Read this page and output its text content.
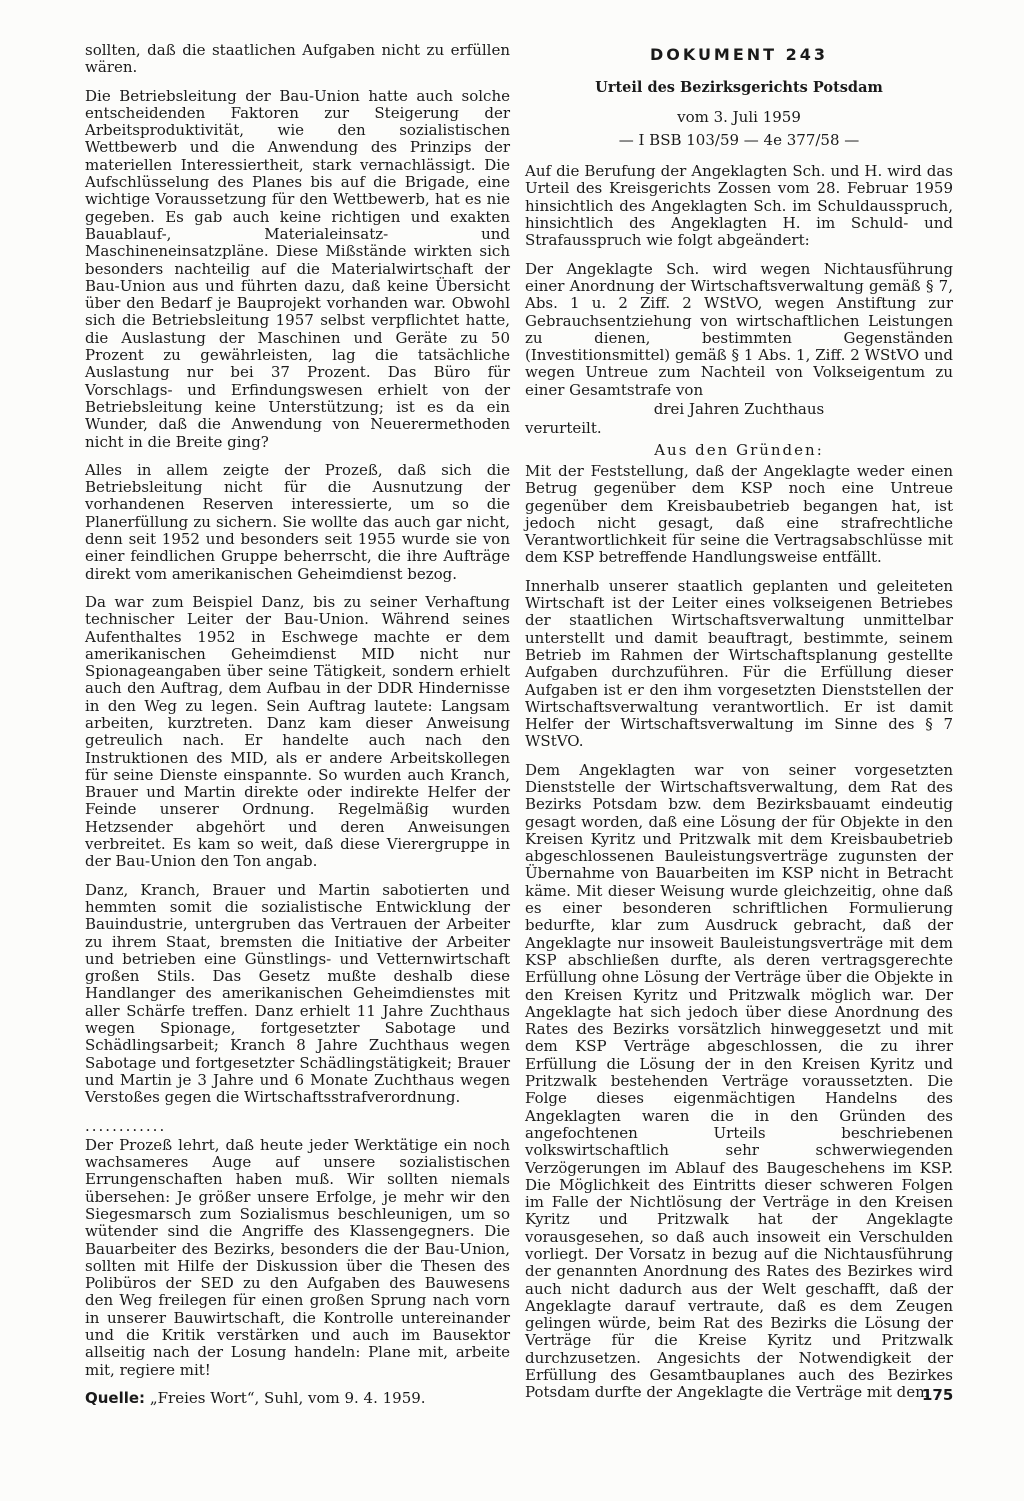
sollten, daß die staatlichen Aufgaben nicht zu erfüllen wären.

Die Betriebsleitung der Bau-Union hatte auch solche entscheidenden Faktoren zur Steigerung der Arbeitsproduktivität, wie den sozialistischen Wettbewerb und die Anwendung des Prinzips der materiellen Interessiertheit, stark vernachlässigt. Die Aufschlüsselung des Planes bis auf die Brigade, eine wichtige Voraussetzung für den Wettbewerb, hat es nie gegeben. Es gab auch keine richtigen und exakten Bauablauf-, Materialeinsatz- und Maschineneinsatzpläne. Diese Mißstände wirkten sich besonders nachteilig auf die Materialwirtschaft der Bau-Union aus und führten dazu, daß keine Übersicht über den Bedarf je Bauprojekt vorhanden war. Obwohl sich die Betriebsleitung 1957 selbst verpflichtet hatte, die Auslastung der Maschinen und Geräte zu 50 Prozent zu gewährleisten, lag die tatsächliche Auslastung nur bei 37 Prozent. Das Büro für Vorschlags- und Erfindungswesen erhielt von der Betriebsleitung keine Unterstützung; ist es da ein Wunder, daß die Anwendung von Neuerermethoden nicht in die Breite ging?

Alles in allem zeigte der Prozeß, daß sich die Betriebsleitung nicht für die Ausnutzung der vorhandenen Reserven interessierte, um so die Planerfüllung zu sichern. Sie wollte das auch gar nicht, denn seit 1952 und besonders seit 1955 wurde sie von einer feindlichen Gruppe beherrscht, die ihre Aufträge direkt vom amerikanischen Geheimdienst bezog.

Da war zum Beispiel Danz, bis zu seiner Verhaftung technischer Leiter der Bau-Union. Während seines Aufenthaltes 1952 in Eschwege machte er dem amerikanischen Geheimdienst MID nicht nur Spionageangaben über seine Tätigkeit, sondern erhielt auch den Auftrag, dem Aufbau in der DDR Hindernisse in den Weg zu legen. Sein Auftrag lautete: Langsam arbeiten, kurztreten. Danz kam dieser Anweisung getreulich nach. Er handelte auch nach den Instruktionen des MID, als er andere Arbeitskollegen für seine Dienste einspannte. So wurden auch Kranch, Brauer und Martin direkte oder indirekte Helfer der Feinde unserer Ordnung. Regelmäßig wurden Hetzsender abgehört und deren Anweisungen verbreitet. Es kam so weit, daß diese Vierergruppe in der Bau-Union den Ton angab.

Danz, Kranch, Brauer und Martin sabotierten und hemmten somit die sozialistische Entwicklung der Bauindustrie, untergruben das Vertrauen der Arbeiter zu ihrem Staat, bremsten die Initiative der Arbeiter und betrieben eine Günstlings- und Vetternwirtschaft großen Stils. Das Gesetz mußte deshalb diese Handlanger des amerikanischen Geheimdienstes mit aller Schärfe treffen. Danz erhielt 11 Jahre Zuchthaus wegen Spionage, fortgesetzter Sabotage und Schädlingsarbeit; Kranch 8 Jahre Zuchthaus wegen Sabotage und fortgesetzter Schädlingstätigkeit; Brauer und Martin je 3 Jahre und 6 Monate Zuchthaus wegen Verstoßes gegen die Wirtschaftsstrafverordnung.

............

Der Prozeß lehrt, daß heute jeder Werktätige ein noch wachsameres Auge auf unsere sozialistischen Errungenschaften haben muß. Wir sollten niemals übersehen: Je größer unsere Erfolge, je mehr wir den Siegesmarsch zum Sozialismus beschleunigen, um so wütender sind die Angriffe des Klassengegners. Die Bauarbeiter des Bezirks, besonders die der Bau-Union, sollten mit Hilfe der Diskussion über die Thesen des Polibüros der SED zu den Aufgaben des Bauwesens den Weg freilegen für einen großen Sprung nach vorn in unserer Bauwirtschaft, die Kontrolle untereinander und die Kritik verstärken und auch im Bausektor allseitig nach der Losung handeln: Plane mit, arbeite mit, regiere mit!

Quelle: „Freies Wort“, Suhl, vom 9. 4. 1959.

DOKUMENT 243

Urteil des Bezirksgerichts Potsdam

vom 3. Juli 1959

— I BSB 103/59 — 4e 377/58 —

Auf die Berufung der Angeklagten Sch. und H. wird das Urteil des Kreisgerichts Zossen vom 28. Februar 1959 hinsichtlich des Angeklagten Sch. im Schuldausspruch, hinsichtlich des Angeklagten H. im Schuld- und Strafausspruch wie folgt abgeändert:

Der Angeklagte Sch. wird wegen Nichtausführung einer Anordnung der Wirtschaftsverwaltung gemäß § 7, Abs. 1 u. 2 Ziff. 2 WStVO, wegen Anstiftung zur Gebrauchsentziehung von wirtschaftlichen Leistungen zu dienen, bestimmten Gegenständen (Investitionsmittel) gemäß § 1 Abs. 1, Ziff. 2 WStVO und wegen Untreue zum Nachteil von Volkseigentum zu einer Gesamtstrafe von

drei Jahren Zuchthaus

verurteilt.

Aus den Gründen:

Mit der Feststellung, daß der Angeklagte weder einen Betrug gegenüber dem KSP noch eine Untreue gegenüber dem Kreisbaubetrieb begangen hat, ist jedoch nicht gesagt, daß eine strafrechtliche Verantwortlichkeit für seine die Vertragsabschlüsse mit dem KSP betreffende Handlungsweise entfällt.

Innerhalb unserer staatlich geplanten und geleiteten Wirtschaft ist der Leiter eines volkseigenen Betriebes der staatlichen Wirtschaftsverwaltung unmittelbar unterstellt und damit beauftragt, bestimmte, seinem Betrieb im Rahmen der Wirtschaftsplanung gestellte Aufgaben durchzuführen. Für die Erfüllung dieser Aufgaben ist er den ihm vorgesetzten Dienststellen der Wirtschaftsverwaltung verantwortlich. Er ist damit Helfer der Wirtschaftsverwaltung im Sinne des § 7 WStVO.

Dem Angeklagten war von seiner vorgesetzten Dienststelle der Wirtschaftsverwaltung, dem Rat des Bezirks Potsdam bzw. dem Bezirksbauamt eindeutig gesagt worden, daß eine Lösung der für Objekte in den Kreisen Kyritz und Pritzwalk mit dem Kreisbaubetrieb abgeschlossenen Bauleistungsverträge zugunsten der Übernahme von Bauarbeiten im KSP nicht in Betracht käme. Mit dieser Weisung wurde gleichzeitig, ohne daß es einer besonderen schriftlichen Formulierung bedurfte, klar zum Ausdruck gebracht, daß der Angeklagte nur insoweit Bauleistungsverträge mit dem KSP abschließen durfte, als deren vertragsgerechte Erfüllung ohne Lösung der Verträge über die Objekte in den Kreisen Kyritz und Pritzwalk möglich war. Der Angeklagte hat sich jedoch über diese Anordnung des Rates des Bezirks vorsätzlich hinweggesetzt und mit dem KSP Verträge abgeschlossen, die zu ihrer Erfüllung die Lösung der in den Kreisen Kyritz und Pritzwalk bestehenden Verträge voraussetzten. Die Folge dieses eigenmächtigen Handelns des Angeklagten waren die in den Gründen des angefochtenen Urteils beschriebenen volkswirtschaftlich sehr schwerwiegenden Verzögerungen im Ablauf des Baugeschehens im KSP. Die Möglichkeit des Eintritts dieser schweren Folgen im Falle der Nichtlösung der Verträge in den Kreisen Kyritz und Pritzwalk hat der Angeklagte vorausgesehen, so daß auch insoweit ein Verschulden vorliegt. Der Vorsatz in bezug auf die Nichtausführung der genannten Anordnung des Rates des Bezirkes wird auch nicht dadurch aus der Welt geschafft, daß der Angeklagte darauf vertraute, daß es dem Zeugen gelingen würde, beim Rat des Bezirks die Lösung der Verträge für die Kreise Kyritz und Pritzwalk durchzusetzen. Angesichts der Notwendigkeit der Erfüllung des Gesamtbauplanes auch des Bezirkes Potsdam durfte der Angeklagte die Verträge mit dem

175
